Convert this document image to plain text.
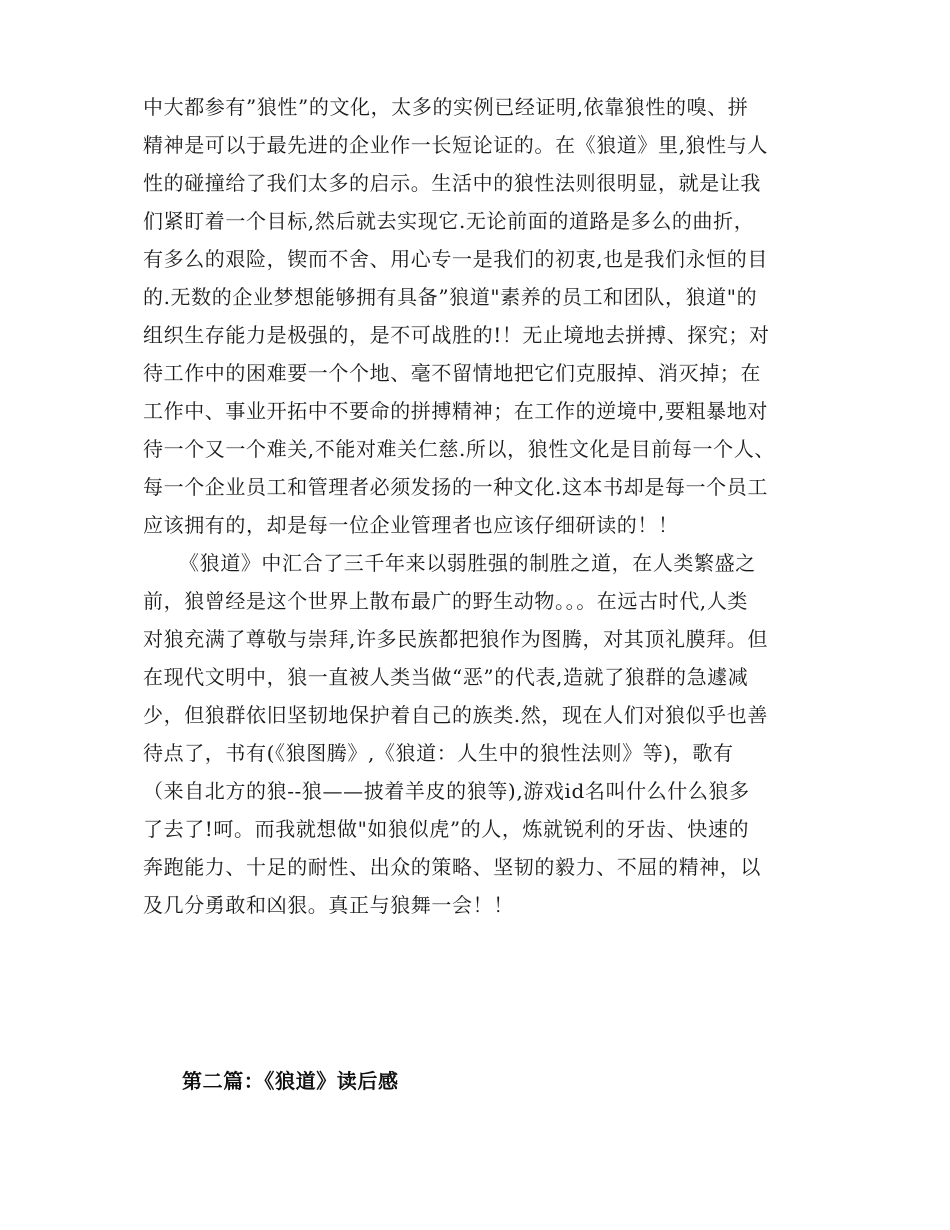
中大都参有”狼性”的文化，太多的实例已经证明,依靠狼性的嗅、拼
精神是可以于最先进的企业作一长短论证的。在《狼道》里,狼性与人
性的碰撞给了我们太多的启示。生活中的狼性法则很明显，就是让我
们紧盯着一个目标,然后就去实现它.无论前面的道路是多么的曲折，
有多么的艰险，锲而不舍、用心专一是我们的初衷,也是我们永恒的目
的.无数的企业梦想能够拥有具备”狼道"素养的员工和团队，狼道"的
组织生存能力是极强的，是不可战胜的!！无止境地去拼搏、探究；对
待工作中的困难要一个个地、毫不留情地把它们克服掉、消灭掉；在
工作中、事业开拓中不要命的拼搏精神；在工作的逆境中,要粗暴地对
待一个又一个难关,不能对难关仁慈.所以，狼性文化是目前每一个人、
每一个企业员工和管理者必须发扬的一种文化.这本书却是每一个员工
应该拥有的，却是每一位企业管理者也应该仔细研读的！！
《狼道》中汇合了三千年来以弱胜强的制胜之道，在人类繁盛之
前，狼曾经是这个世界上散布最广的野生动物。。。在远古时代,人类
对狼充满了尊敬与崇拜,许多民族都把狼作为图腾，对其顶礼膜拜。但
在现代文明中，狼一直被人类当做“恶”的代表,造就了狼群的急遽减
少，但狼群依旧坚韧地保护着自己的族类.然，现在人们对狼似乎也善
待点了，书有(《狼图腾》,《狼道：人生中的狼性法则》等)，歌有
（来自北方的狼--狼——披着羊皮的狼等),游戏id名叫什么什么狼多
了去了!呵。而我就想做"如狼似虎”的人，炼就锐利的牙齿、快速的
奔跑能力、十足的耐性、出众的策略、坚韧的毅力、不屈的精神，以
及几分勇敢和凶狠。真正与狼舞一会！！
第二篇：《狼道》读后感
